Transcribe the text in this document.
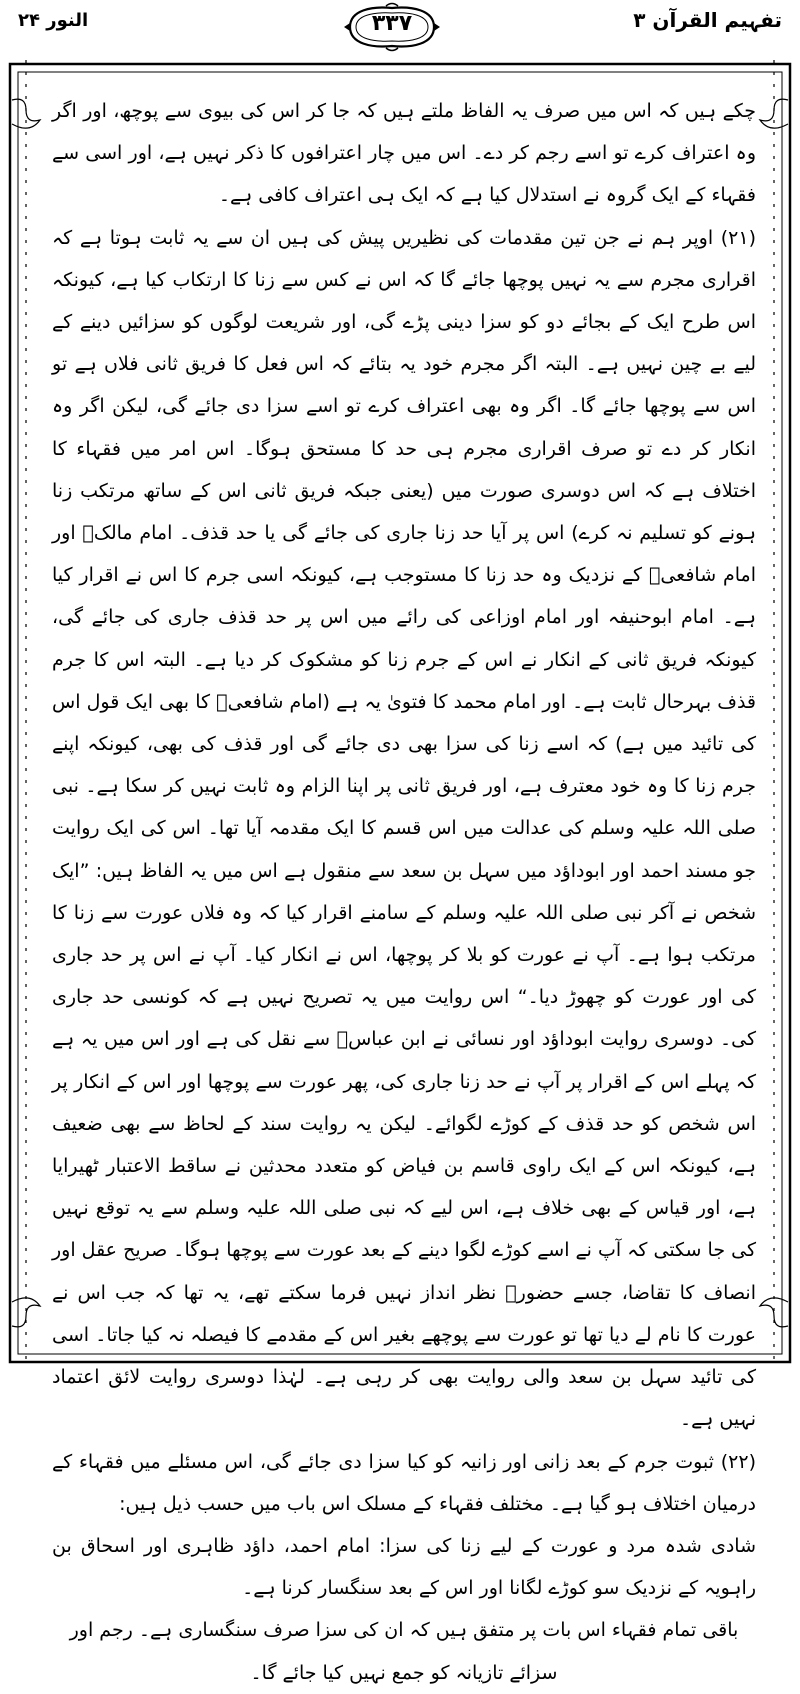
النور ۲۴	۳۳۷	تفہیم القرآن ۳

چکے ہیں کہ اس میں صرف یہ الفاظ ملتے ہیں کہ جا کر اس کی بیوی سے پوچھ، اور اگر وہ اعتراف کرے تو اسے رجم کر دے۔ اس میں چار اعترافوں کا ذکر نہیں ہے، اور اسی سے فقہاء کے ایک گروہ نے استدلال کیا ہے کہ ایک ہی اعتراف کافی ہے۔

(۲۱) اوپر ہم نے جن تین مقدمات کی نظیریں پیش کی ہیں ان سے یہ ثابت ہوتا ہے کہ اقراری مجرم سے یہ نہیں پوچھا جائے گا کہ اس نے کس سے زنا کا ارتکاب کیا ہے، کیونکہ اس طرح ایک کے بجائے دو کو سزا دینی پڑے گی، اور شریعت لوگوں کو سزائیں دینے کے لیے بے چین نہیں ہے۔ البتہ اگر مجرم خود یہ بتائے کہ اس فعل کا فریق ثانی فلاں ہے تو اس سے پوچھا جائے گا۔ اگر وہ بھی اعتراف کرے تو اسے سزا دی جائے گی، لیکن اگر وہ انکار کر دے تو صرف اقراری مجرم ہی حد کا مستحق ہوگا۔ اس امر میں فقہاء کا اختلاف ہے کہ اس دوسری صورت میں (یعنی جبکہ فریق ثانی اس کے ساتھ مرتکب زنا ہونے کو تسلیم نہ کرے) اس پر آیا حد زنا جاری کی جائے گی یا حد قذف۔ امام مالکؒ اور امام شافعیؒ کے نزدیک وہ حد زنا کا مستوجب ہے، کیونکہ اسی جرم کا اس نے اقرار کیا ہے۔ امام ابوحنیفہ اور امام اوزاعی کی رائے میں اس پر حد قذف جاری کی جائے گی، کیونکہ فریق ثانی کے انکار نے اس کے جرم زنا کو مشکوک کر دیا ہے۔ البتہ اس کا جرم قذف بہرحال ثابت ہے۔ اور امام محمد کا فتویٰ یہ ہے (امام شافعیؒ کا بھی ایک قول اس کی تائید میں ہے) کہ اسے زنا کی سزا بھی دی جائے گی اور قذف کی بھی، کیونکہ اپنے جرم زنا کا وہ خود معترف ہے، اور فریق ثانی پر اپنا الزام وہ ثابت نہیں کر سکا ہے۔ نبی صلی اللہ علیہ وسلم کی عدالت میں اس قسم کا ایک مقدمہ آیا تھا۔ اس کی ایک روایت جو مسند احمد اور ابوداؤد میں سہل بن سعد سے منقول ہے اس میں یہ الفاظ ہیں: ”ایک شخص نے آکر نبی صلی اللہ علیہ وسلم کے سامنے اقرار کیا کہ وہ فلاں عورت سے زنا کا مرتکب ہوا ہے۔ آپ نے عورت کو بلا کر پوچھا، اس نے انکار کیا۔ آپ نے اس پر حد جاری کی اور عورت کو چھوڑ دیا۔“ اس روایت میں یہ تصریح نہیں ہے کہ کونسی حد جاری کی۔ دوسری روایت ابوداؤد اور نسائی نے ابن عباسؓ سے نقل کی ہے اور اس میں یہ ہے کہ پہلے اس کے اقرار پر آپ نے حد زنا جاری کی، پھر عورت سے پوچھا اور اس کے انکار پر اس شخص کو حد قذف کے کوڑے لگوائے۔ لیکن یہ روایت سند کے لحاظ سے بھی ضعیف ہے، کیونکہ اس کے ایک راوی قاسم بن فیاض کو متعدد محدثین نے ساقط الاعتبار ٹھیرایا ہے، اور قیاس کے بھی خلاف ہے، اس لیے کہ نبی صلی اللہ علیہ وسلم سے یہ توقع نہیں کی جا سکتی کہ آپ نے اسے کوڑے لگوا دینے کے بعد عورت سے پوچھا ہوگا۔ صریح عقل اور انصاف کا تقاضا، جسے حضورؐ نظر انداز نہیں فرما سکتے تھے، یہ تھا کہ جب اس نے عورت کا نام لے دیا تھا تو عورت سے پوچھے بغیر اس کے مقدمے کا فیصلہ نہ کیا جاتا۔ اسی کی تائید سہل بن سعد والی روایت بھی کر رہی ہے۔ لہٰذا دوسری روایت لائق اعتماد نہیں ہے۔

(۲۲) ثبوت جرم کے بعد زانی اور زانیہ کو کیا سزا دی جائے گی، اس مسئلے میں فقہاء کے درمیان اختلاف ہو گیا ہے۔ مختلف فقہاء کے مسلک اس باب میں حسب ذیل ہیں:

شادی شدہ مرد و عورت کے لیے زنا کی سزا: امام احمد، داؤد ظاہری اور اسحاق بن راہویہ کے نزدیک سو کوڑے لگانا اور اس کے بعد سنگسار کرنا ہے۔

باقی تمام فقہاء اس بات پر متفق ہیں کہ ان کی سزا صرف سنگساری ہے۔ رجم اور سزائے تازیانہ کو جمع نہیں کیا جائے گا۔
